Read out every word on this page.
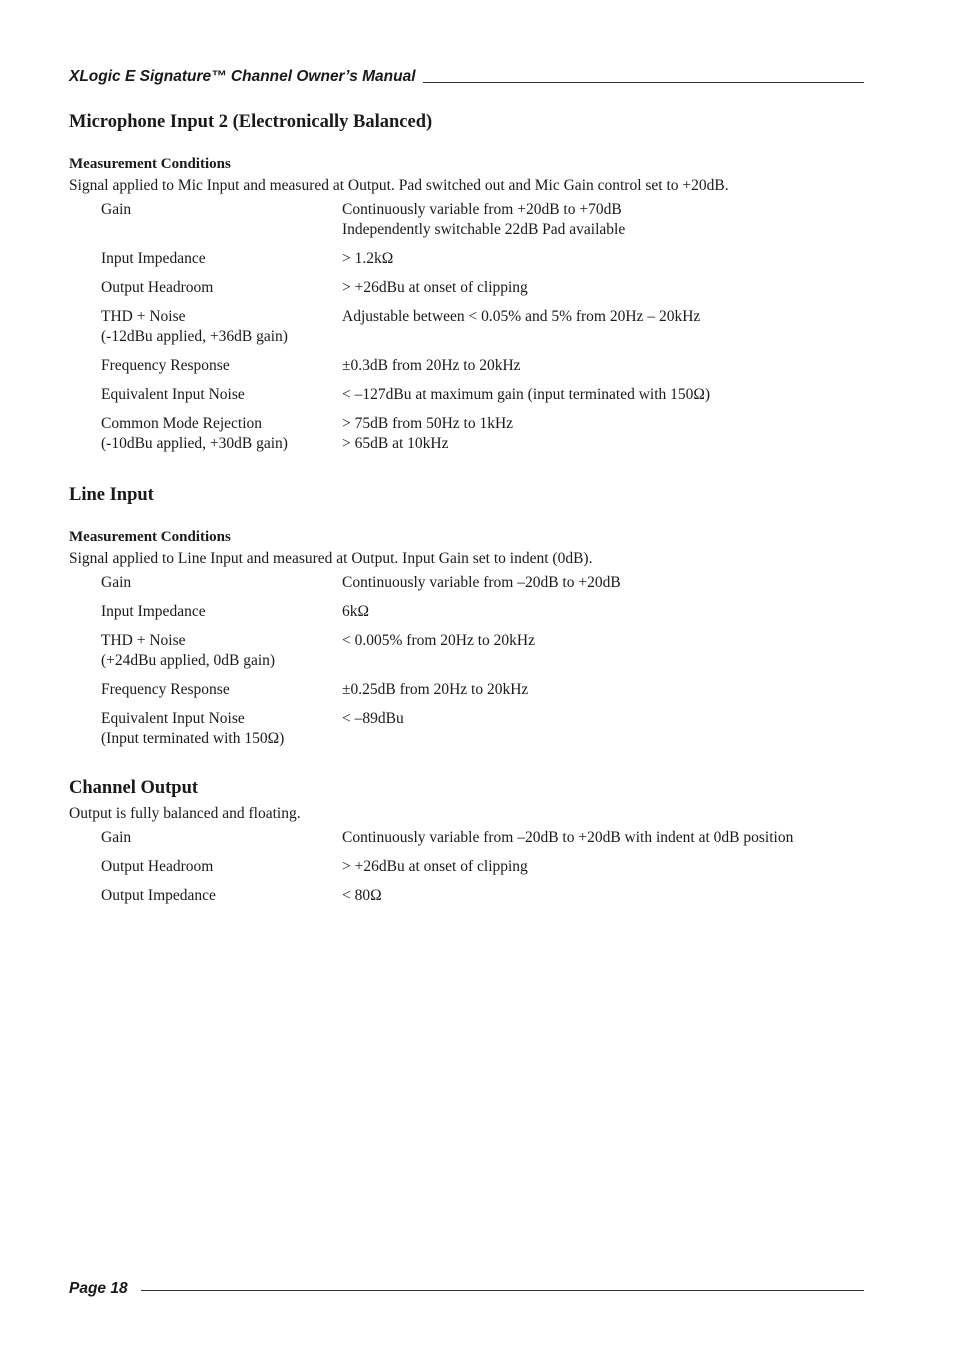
XLogic E Signature™ Channel Owner’s Manual
Microphone Input 2 (Electronically Balanced)
Measurement Conditions

Signal applied to Mic Input and measured at Output. Pad switched out and Mic Gain control set to +20dB.

Gain	Continuously variable from +20dB to +70dB
Independently switchable 22dB Pad available

Input Impedance	> 1.2kΩ

Output Headroom	> +26dBu at onset of clipping

THD + Noise
(-12dBu applied, +36dB gain)	Adjustable between < 0.05% and 5% from 20Hz – 20kHz

Frequency Response	±0.3dB from 20Hz to 20kHz

Equivalent Input Noise	< –127dBu at maximum gain (input terminated with 150Ω)

Common Mode Rejection
(-10dBu applied, +30dB gain)	> 75dB from 50Hz to 1kHz
> 65dB at 10kHz
Line Input
Measurement Conditions

Signal applied to Line Input and measured at Output. Input Gain set to indent (0dB).

Gain	Continuously variable from –20dB to +20dB

Input Impedance	6kΩ

THD + Noise
(+24dBu applied, 0dB gain)	< 0.005% from 20Hz to 20kHz

Frequency Response	±0.25dB from 20Hz to 20kHz

Equivalent Input Noise
(Input terminated with 150Ω)	< –89dBu
Channel Output

Output is fully balanced and floating.

Gain	Continuously variable from –20dB to +20dB with indent at 0dB position

Output Headroom	> +26dBu at onset of clipping

Output Impedance	< 80Ω
Page 18
